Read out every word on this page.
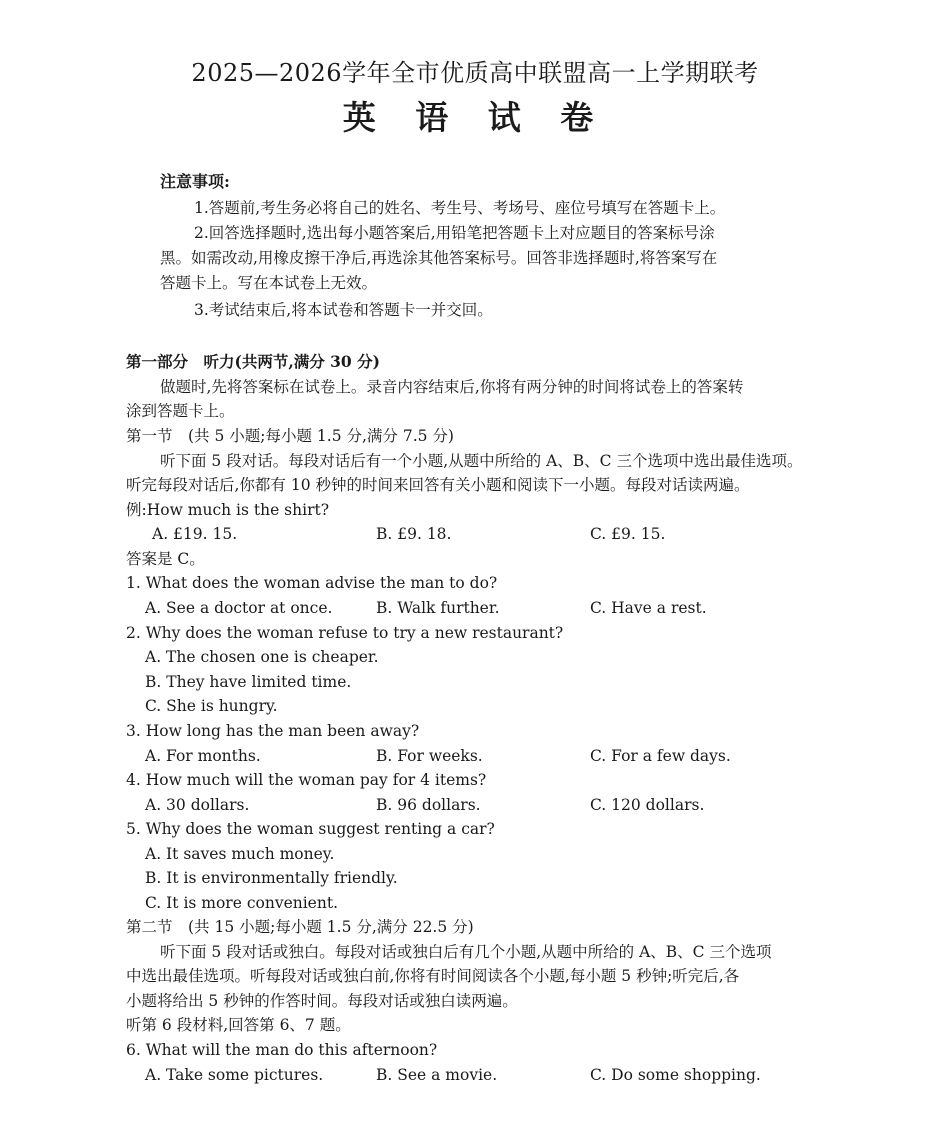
2025—2026学年全市优质高中联盟高一上学期联考
英 语 试 卷
注意事项:
1.答题前,考生务必将自己的姓名、考生号、考场号、座位号填写在答题卡上。
2.回答选择题时,选出每小题答案后,用铅笔把答题卡上对应题目的答案标号涂
黑。如需改动,用橡皮擦干净后,再选涂其他答案标号。回答非选择题时,将答案写在
答题卡上。写在本试卷上无效。
3.考试结束后,将本试卷和答题卡一并交回。
第一部分　听力(共两节,满分 30 分)
做题时,先将答案标在试卷上。录音内容结束后,你将有两分钟的时间将试卷上的答案转
涂到答题卡上。
第一节　(共 5 小题;每小题 1.5 分,满分 7.5 分)
听下面 5 段对话。每段对话后有一个小题,从题中所给的 A、B、C 三个选项中选出最佳选项。
听完每段对话后,你都有 10 秒钟的时间来回答有关小题和阅读下一小题。每段对话读两遍。
例:How much is the shirt?
A. £19. 15.	B. £9. 18.	C. £9. 15.
答案是 C。
1. What does the woman advise the man to do?
A. See a doctor at once.	B. Walk further.	C. Have a rest.
2. Why does the woman refuse to try a new restaurant?
A. The chosen one is cheaper.
B. They have limited time.
C. She is hungry.
3. How long has the man been away?
A. For months.	B. For weeks.	C. For a few days.
4. How much will the woman pay for 4 items?
A. 30 dollars.	B. 96 dollars.	C. 120 dollars.
5. Why does the woman suggest renting a car?
A. It saves much money.
B. It is environmentally friendly.
C. It is more convenient.
第二节　(共 15 小题;每小题 1.5 分,满分 22.5 分)
听下面 5 段对话或独白。每段对话或独白后有几个小题,从题中所给的 A、B、C 三个选项
中选出最佳选项。听每段对话或独白前,你将有时间阅读各个小题,每小题 5 秒钟;听完后,各
小题将给出 5 秒钟的作答时间。每段对话或独白读两遍。
听第 6 段材料,回答第 6、7 题。
6. What will the man do this afternoon?
A. Take some pictures.	B. See a movie.	C. Do some shopping.
